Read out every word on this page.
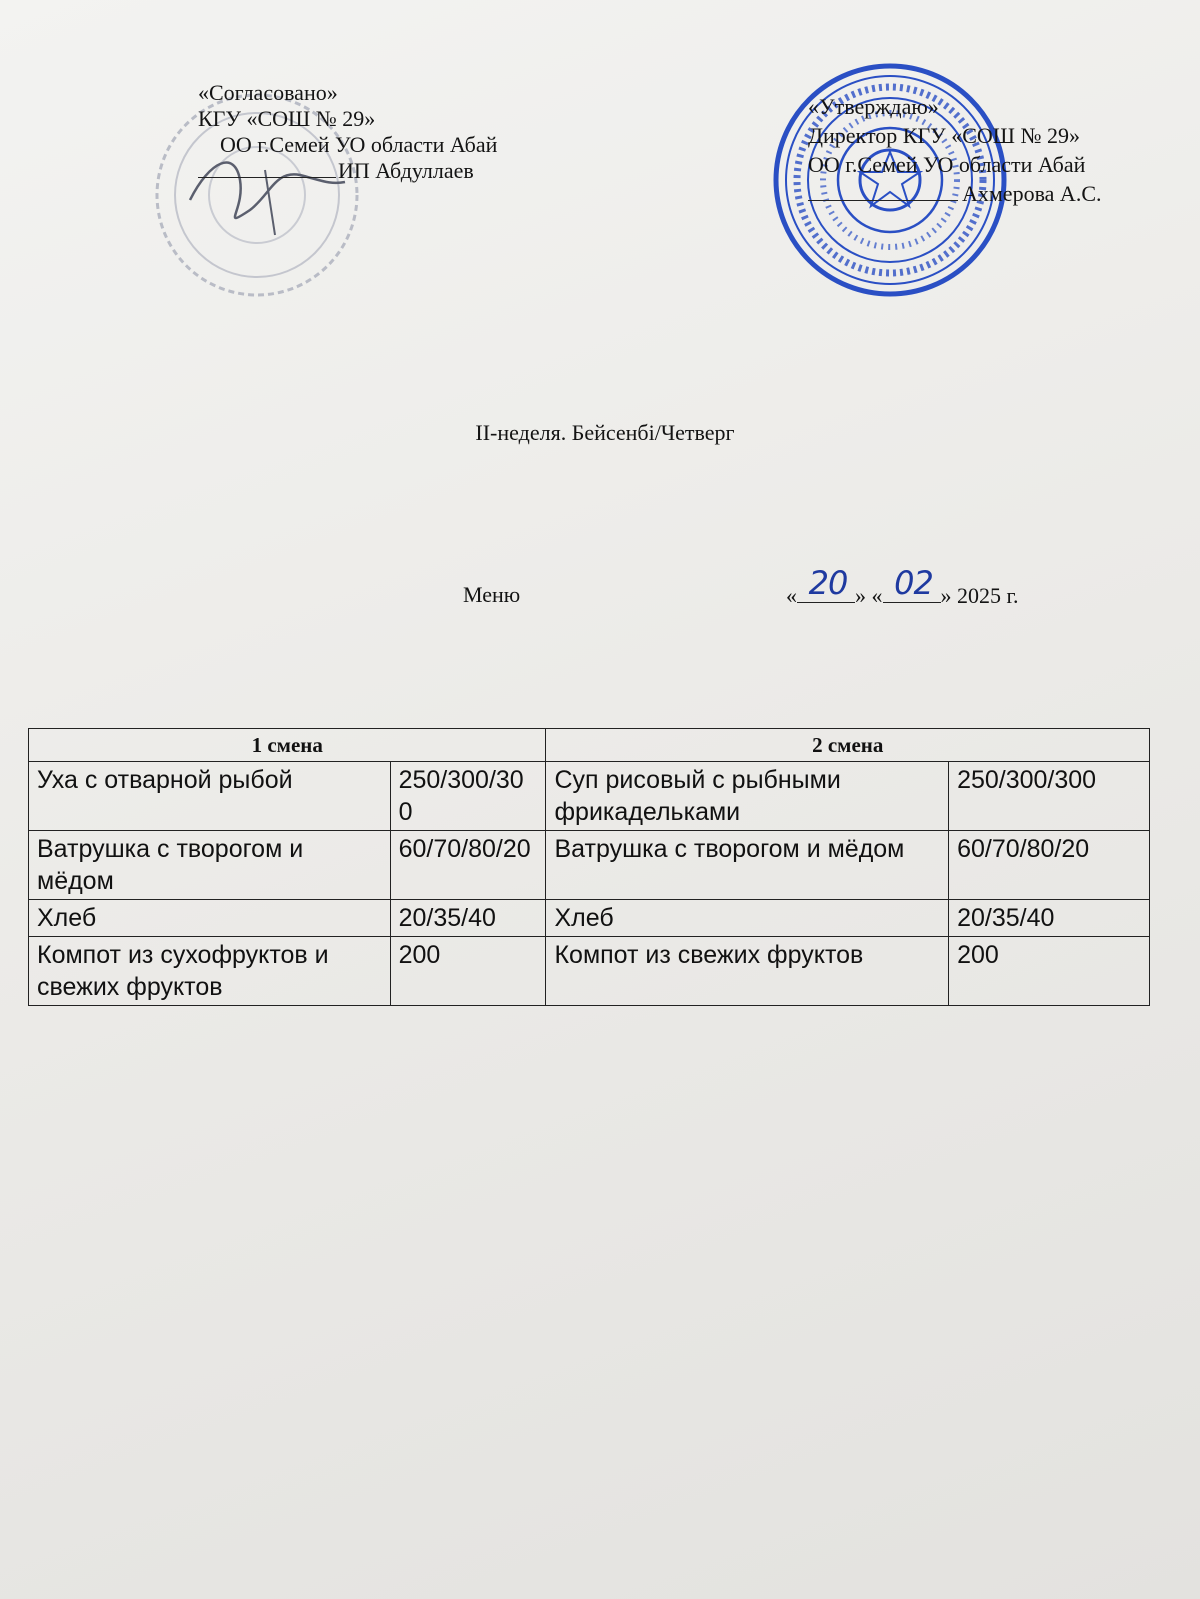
«Согласовано»
КГУ «СОШ № 29»
ОО г.Семей УО области Абай
ИП Абдуллаев
«Утверждаю»
Директор КГУ «СОШ № 29»
ОО г.Семей УО области Абай
Ахмерова А.С.
II-неделя. Бейсенбі/Четверг
Меню	« 20 » « 02 » 2025 г.
1 смена		2 смена	
Уха с отварной рыбой	250/300/300	Суп рисовый с рыбными фрикадельками	250/300/300
Ватрушка с творогом и мёдом	60/70/80/20	Ватрушка с творогом и мёдом	60/70/80/20
Хлеб	20/35/40	Хлеб	20/35/40
Компот из сухофруктов и свежих фруктов	200	Компот из свежих фруктов	200
